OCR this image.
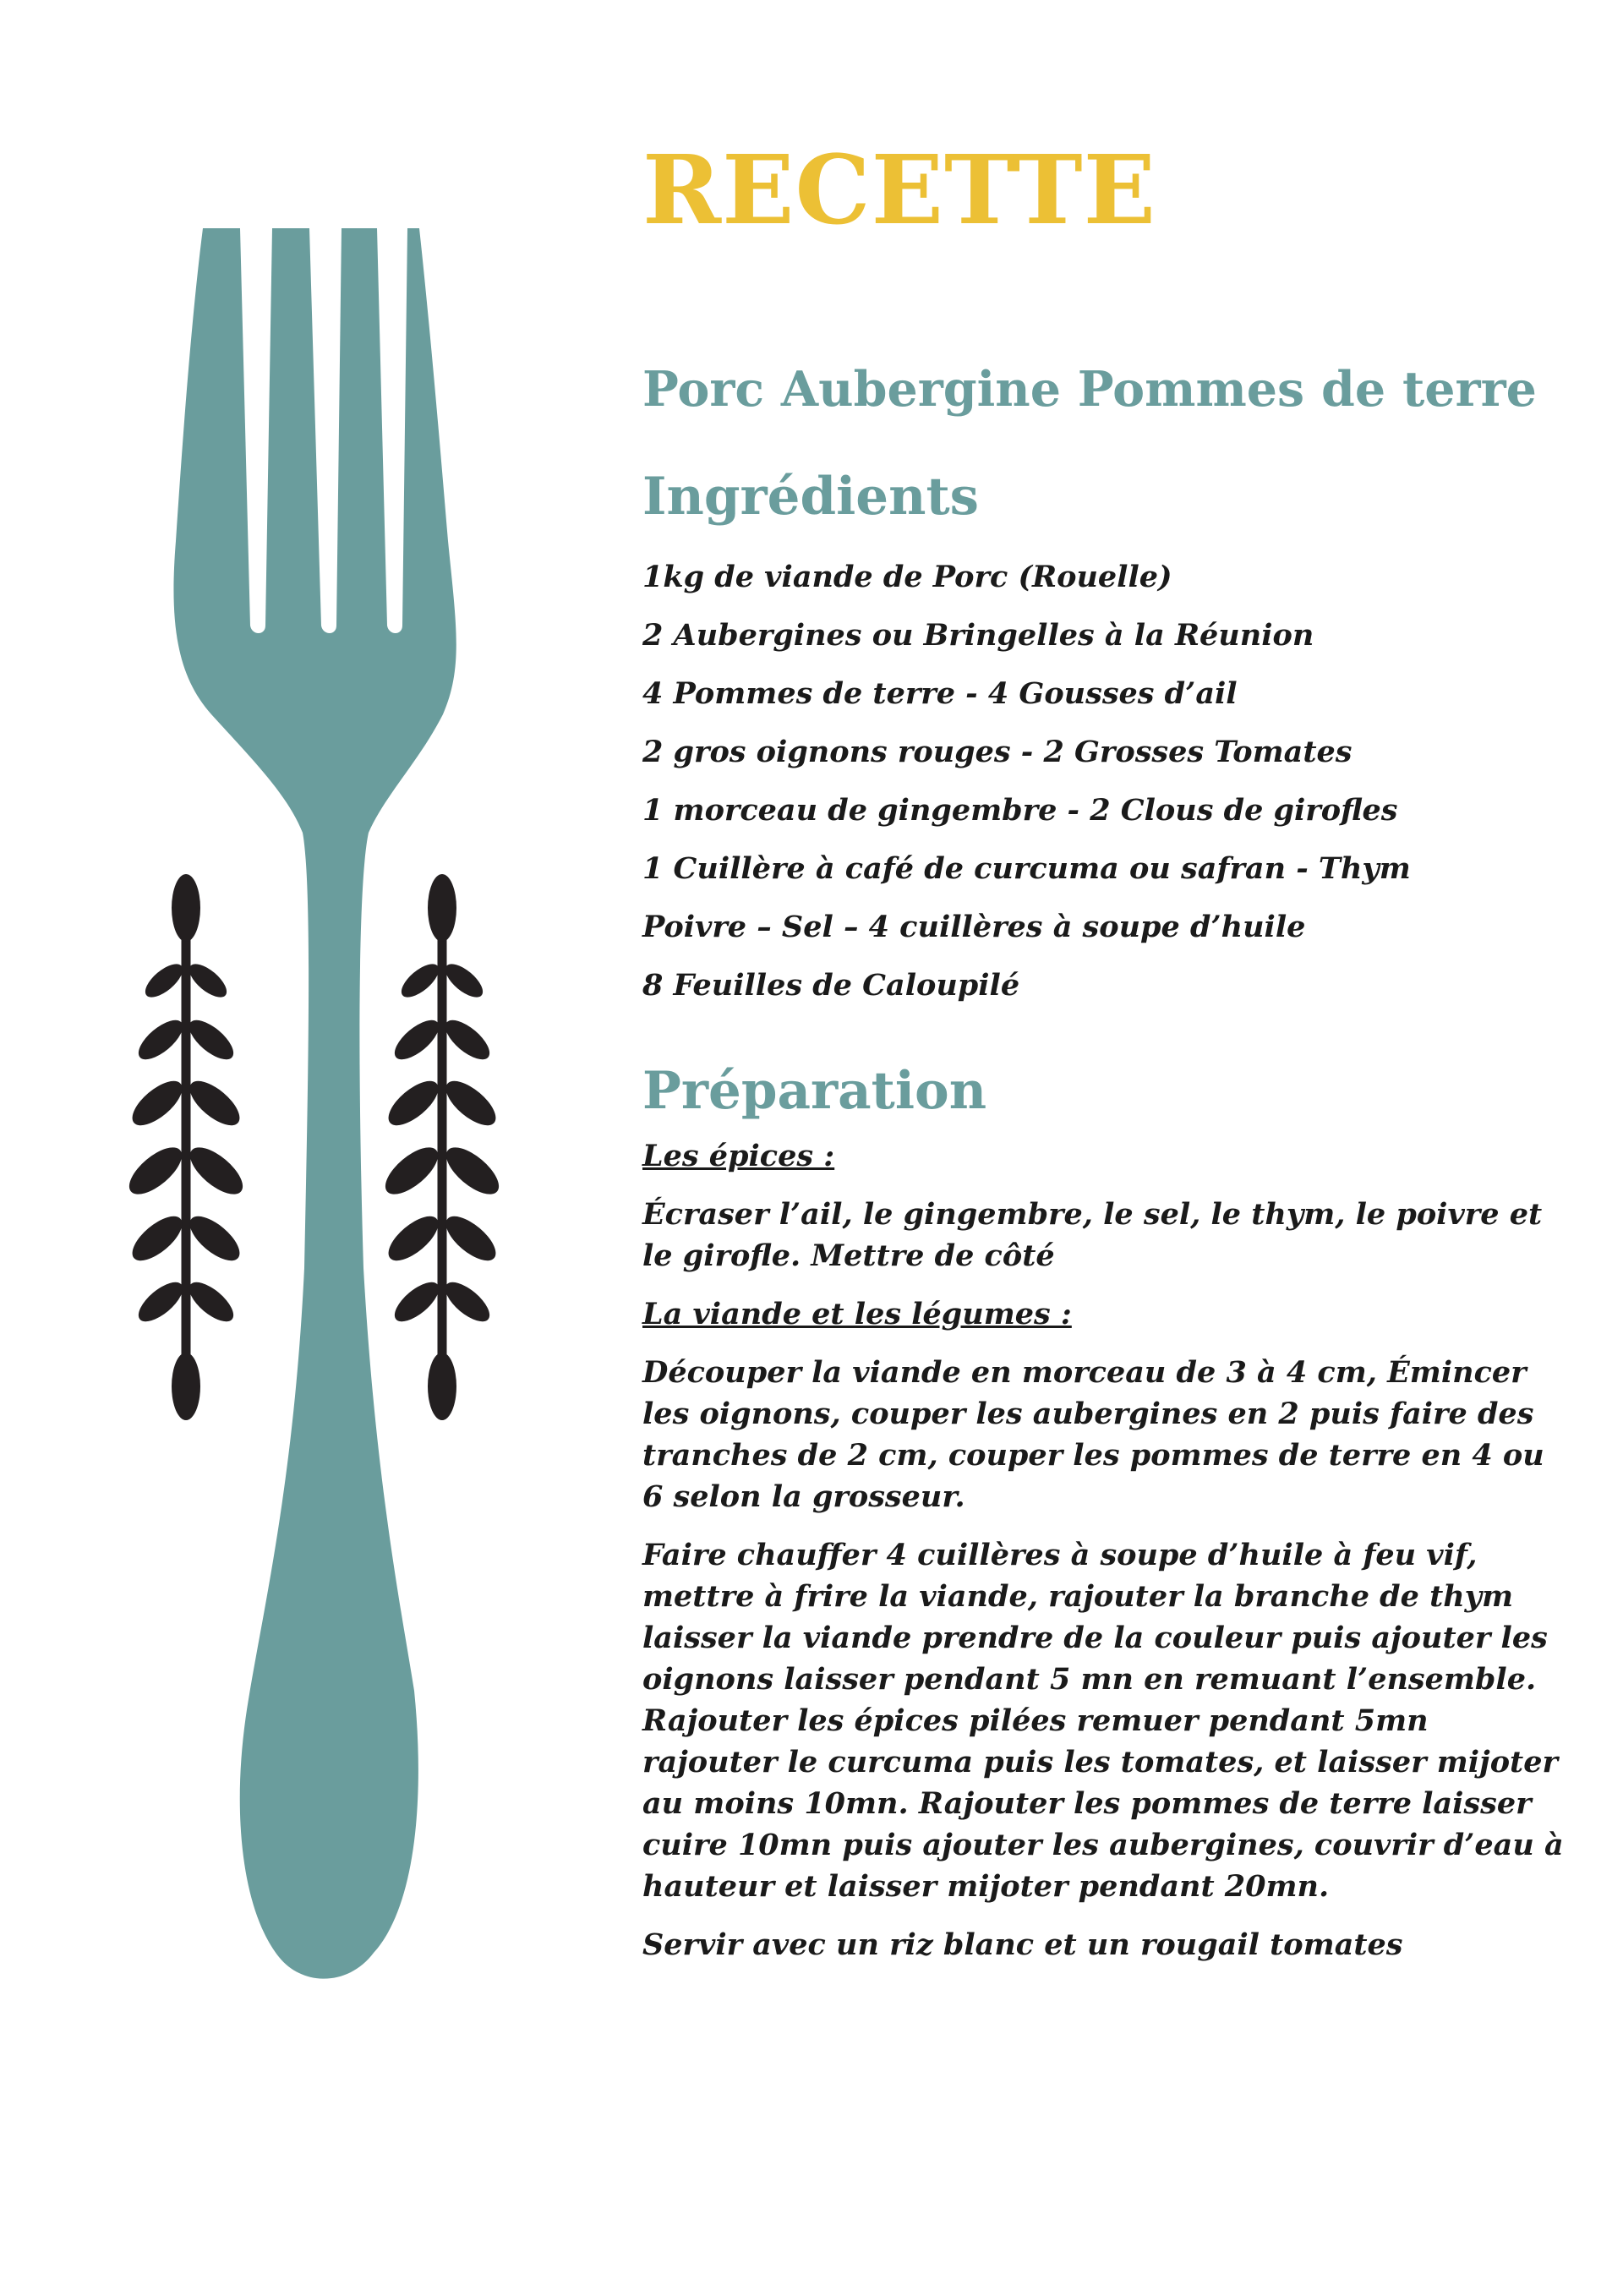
RECETTE
Porc Aubergine Pommes de terre
Ingrédients
1kg de viande de Porc (Rouelle)
2 Aubergines ou Bringelles à la Réunion
4 Pommes de terre - 4 Gousses d’ail
2 gros oignons rouges - 2 Grosses Tomates
1 morceau de gingembre - 2 Clous de girofles
1 Cuillère à café de curcuma ou safran - Thym
Poivre – Sel – 4 cuillères à soupe d’huile
8 Feuilles de Caloupilé
Préparation

Les épices :

Écraser l’ail, le gingembre, le sel, le thym, le poivre et le girofle. Mettre de côté

La viande et les légumes :

Découper la viande en morceau de 3 à 4 cm, Émincer les oignons, couper les aubergines en 2 puis faire des tranches de 2 cm, couper les pommes de terre en 4 ou 6 selon la grosseur.

Faire chauffer 4 cuillères à soupe d’huile à feu vif, mettre à frire la viande, rajouter la branche de thym laisser la viande prendre de la couleur puis ajouter les oignons laisser pendant 5 mn en remuant l’ensemble. Rajouter les épices pilées remuer pendant 5mn rajouter le curcuma puis les tomates, et laisser mijoter au moins 10mn. Rajouter les pommes de terre laisser cuire 10mn puis ajouter les aubergines, couvrir d’eau à hauteur et laisser mijoter pendant 20mn.

Servir avec un riz blanc et un rougail tomates
